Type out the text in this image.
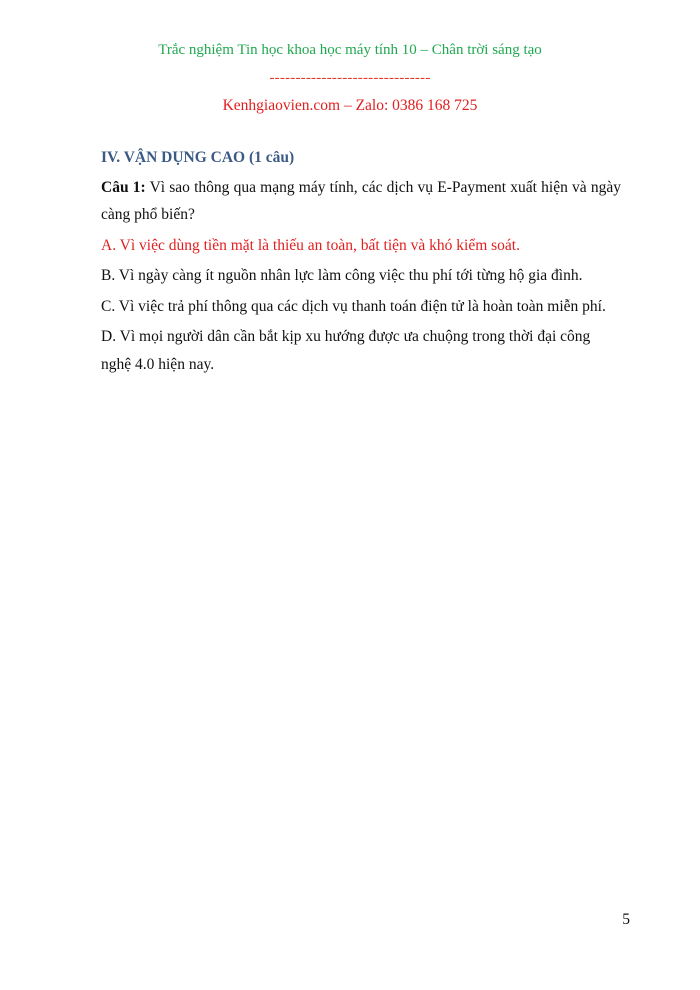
Trắc nghiệm Tin học khoa học máy tính 10 – Chân trời sáng tạo
-------------------------------
Kenhgiaovien.com – Zalo: 0386 168 725
IV. VẬN DỤNG CAO (1 câu)

Câu 1: Vì sao thông qua mạng máy tính, các dịch vụ E-Payment xuất hiện và ngày càng phổ biến?

A. Vì việc dùng tiền mặt là thiếu an toàn, bất tiện và khó kiểm soát.

B. Vì ngày càng ít nguồn nhân lực làm công việc thu phí tới từng hộ gia đình.

C. Vì việc trả phí thông qua các dịch vụ thanh toán điện tử là hoàn toàn miễn phí.

D. Vì mọi người dân cần bắt kịp xu hướng được ưa chuộng trong thời đại công nghệ 4.0 hiện nay.

5
